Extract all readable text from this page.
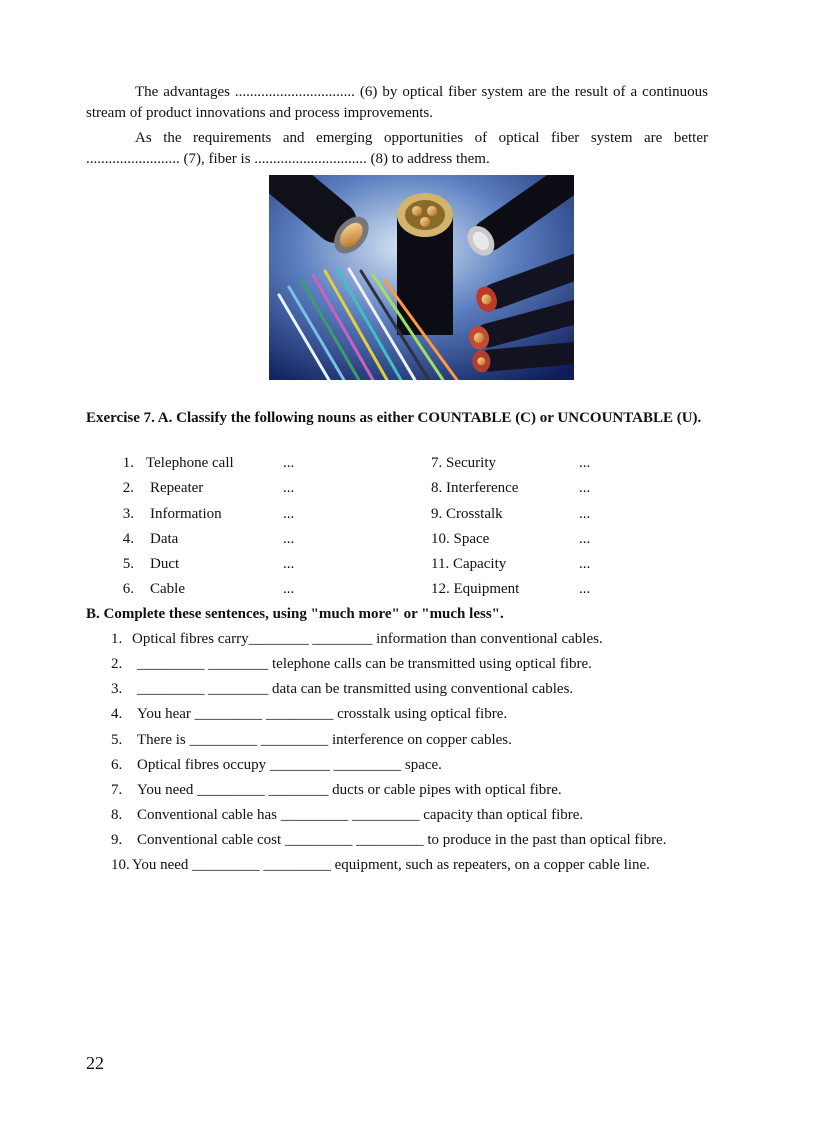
The advantages ................................ (6) by optical fiber system are the result of a continuous stream of product innovations and process improvements.

As the requirements and emerging opportunities of optical fiber system are better ......................... (7), fiber is .............................. (8) to address them.

Exercise 7. A. Classify the following nouns as either COUNTABLE (C) or UNCOUNTABLE (U).

1. Telephone call	...	7. Security	...
2. Repeater	...	8. Interference	...
3. Information	...	9. Crosstalk	...
4. Data	...	10. Space	...
5. Duct	...	11. Capacity	...
6. Cable	...	12. Equipment	...

B. Complete these sentences, using "much more" or "much less".

1. Optical fibres carry________ ________ information than conventional cables.
2. _________ ________ telephone calls can be transmitted using optical fibre.
3. _________ ________ data can be transmitted using conventional cables.
4. You hear _________ _________ crosstalk using optical fibre.
5. There is _________ _________ interference on copper cables.
6. Optical fibres occupy ________ _________ space.
7. You need _________ ________ ducts or cable pipes with optical fibre.
8. Conventional cable has _________ _________ capacity than optical fibre.
9. Conventional cable cost _________ _________ to produce in the past than optical fibre.
10. You need _________ _________ equipment, such as repeaters, on a copper cable line.
22
